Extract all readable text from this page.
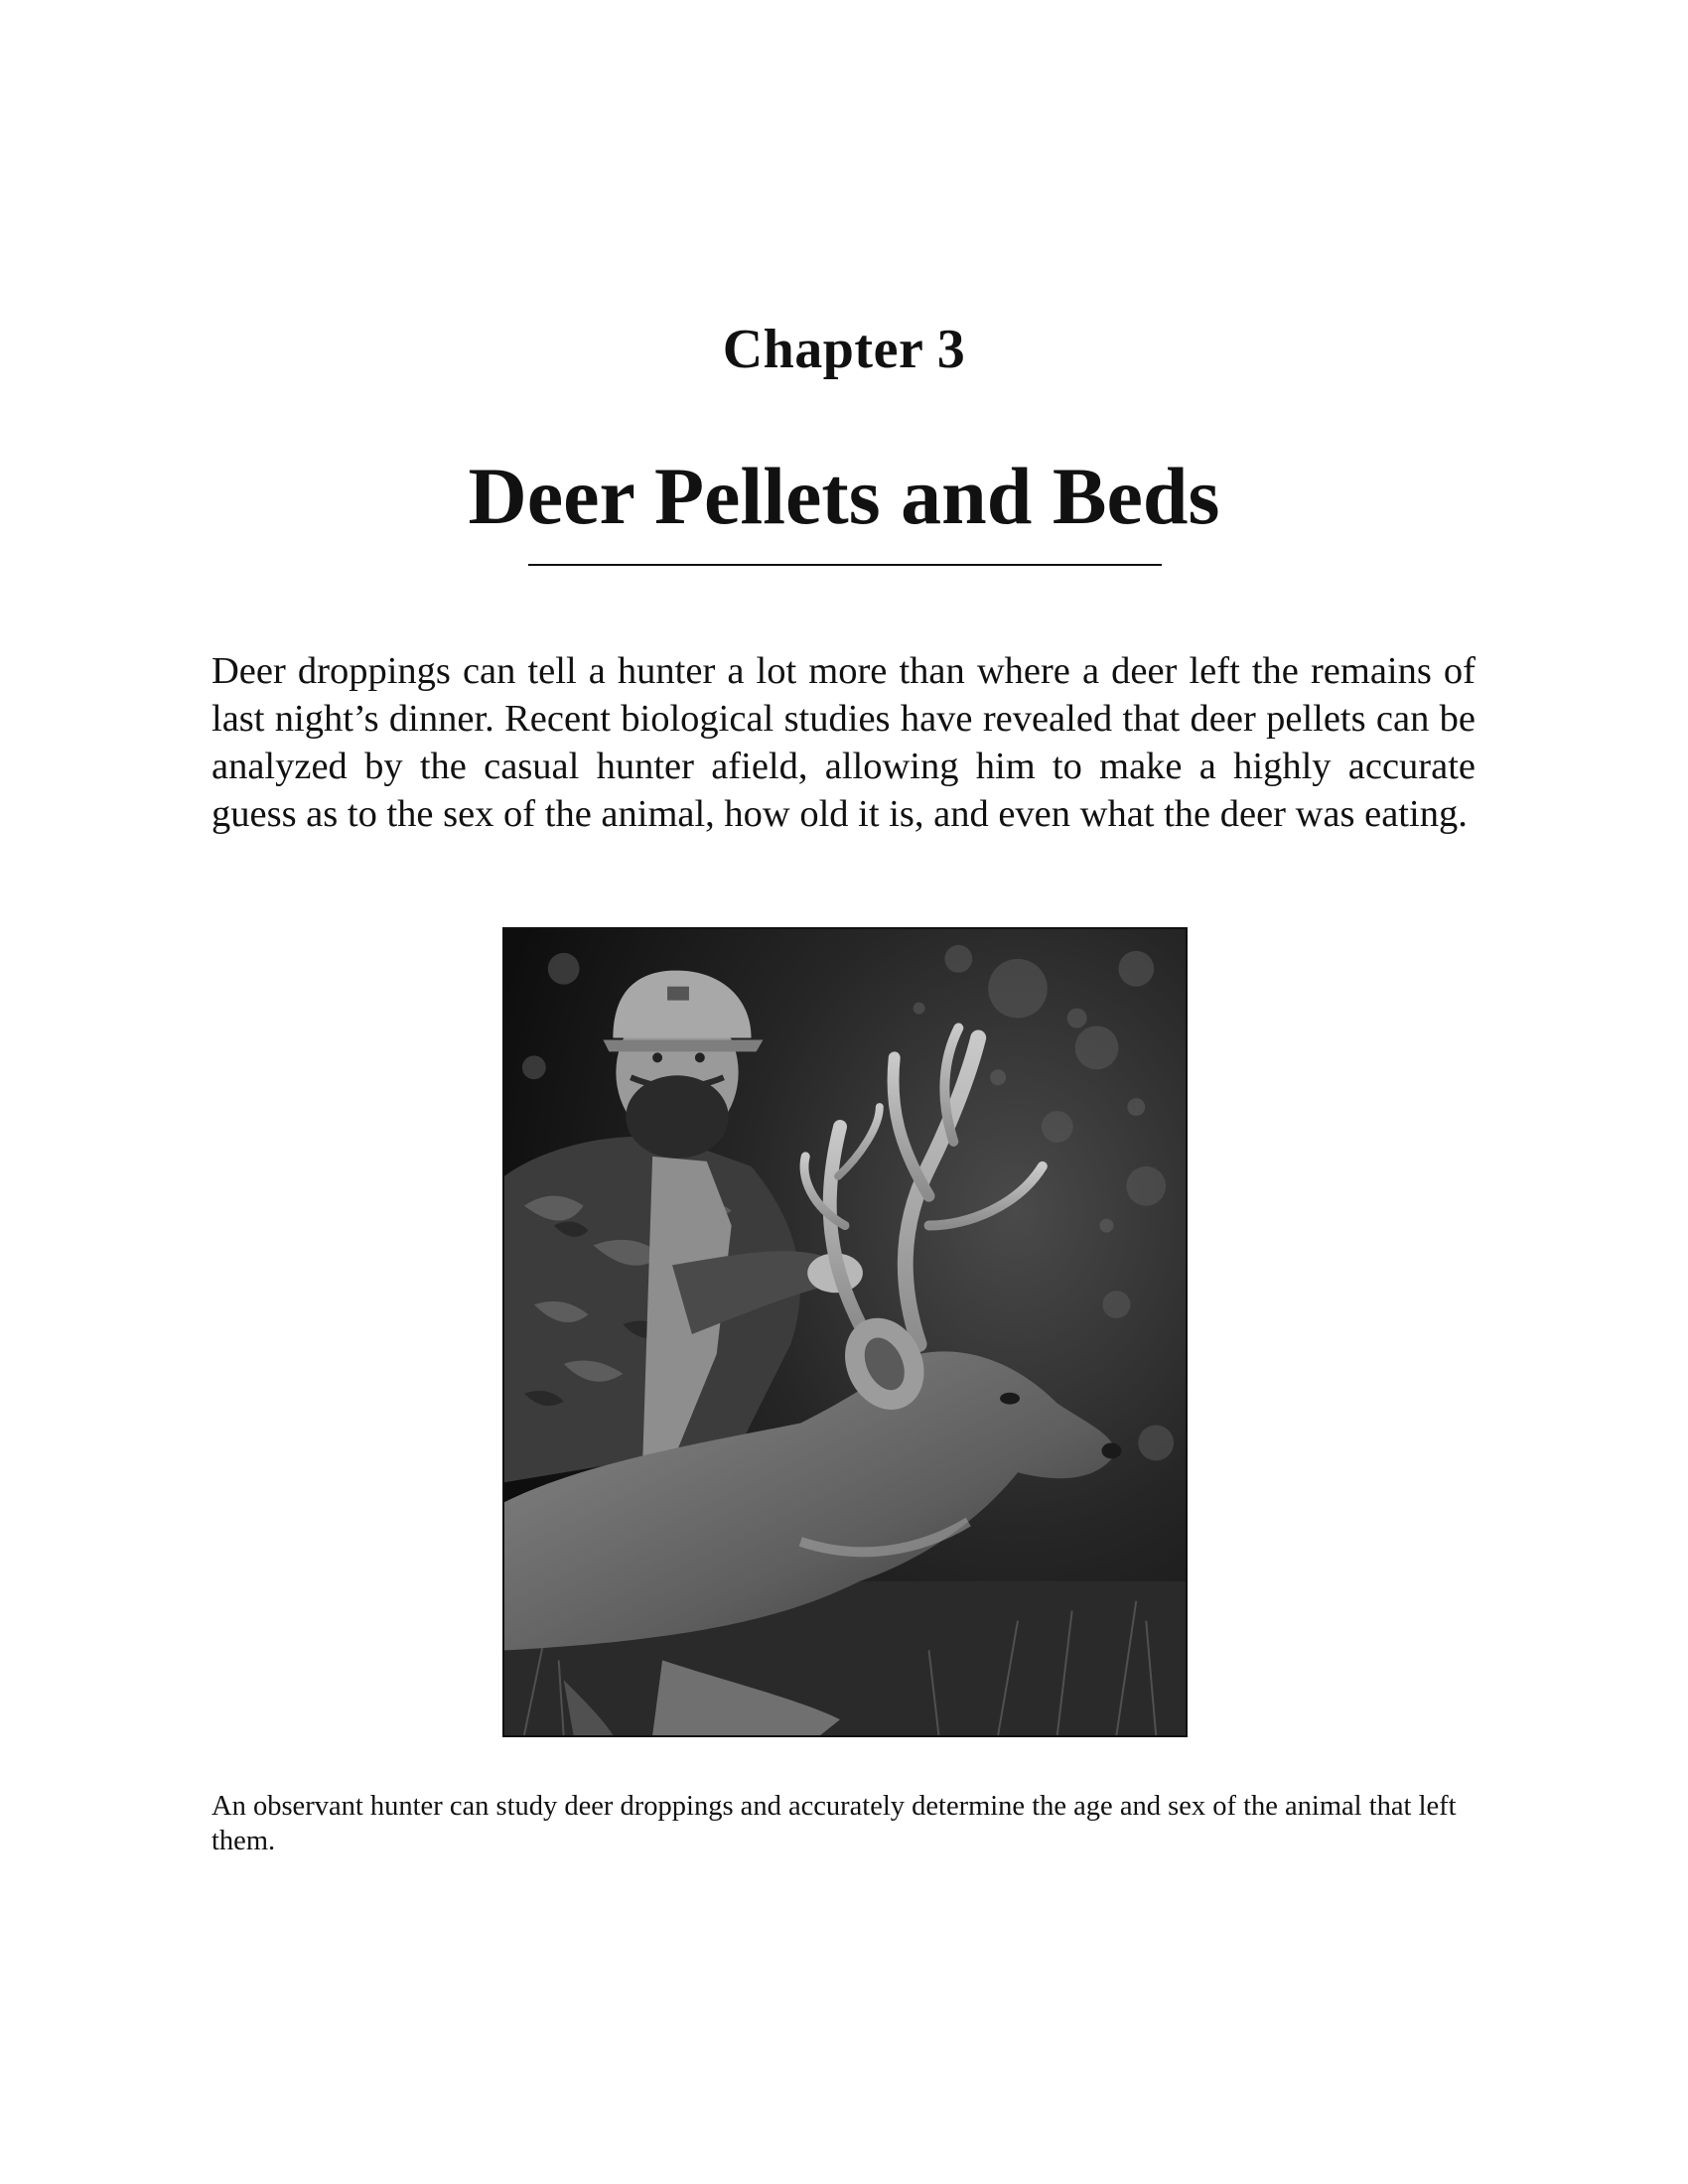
Chapter 3
Deer Pellets and Beds

Deer droppings can tell a hunter a lot more than where a deer left the remains of last night’s dinner. Recent biological studies have revealed that deer pellets can be analyzed by the casual hunter afield, allowing him to make a highly accurate guess as to the sex of the animal, how old it is, and even what the deer was eating.

An observant hunter can study deer droppings and accurately determine the age and sex of the animal that left them.
